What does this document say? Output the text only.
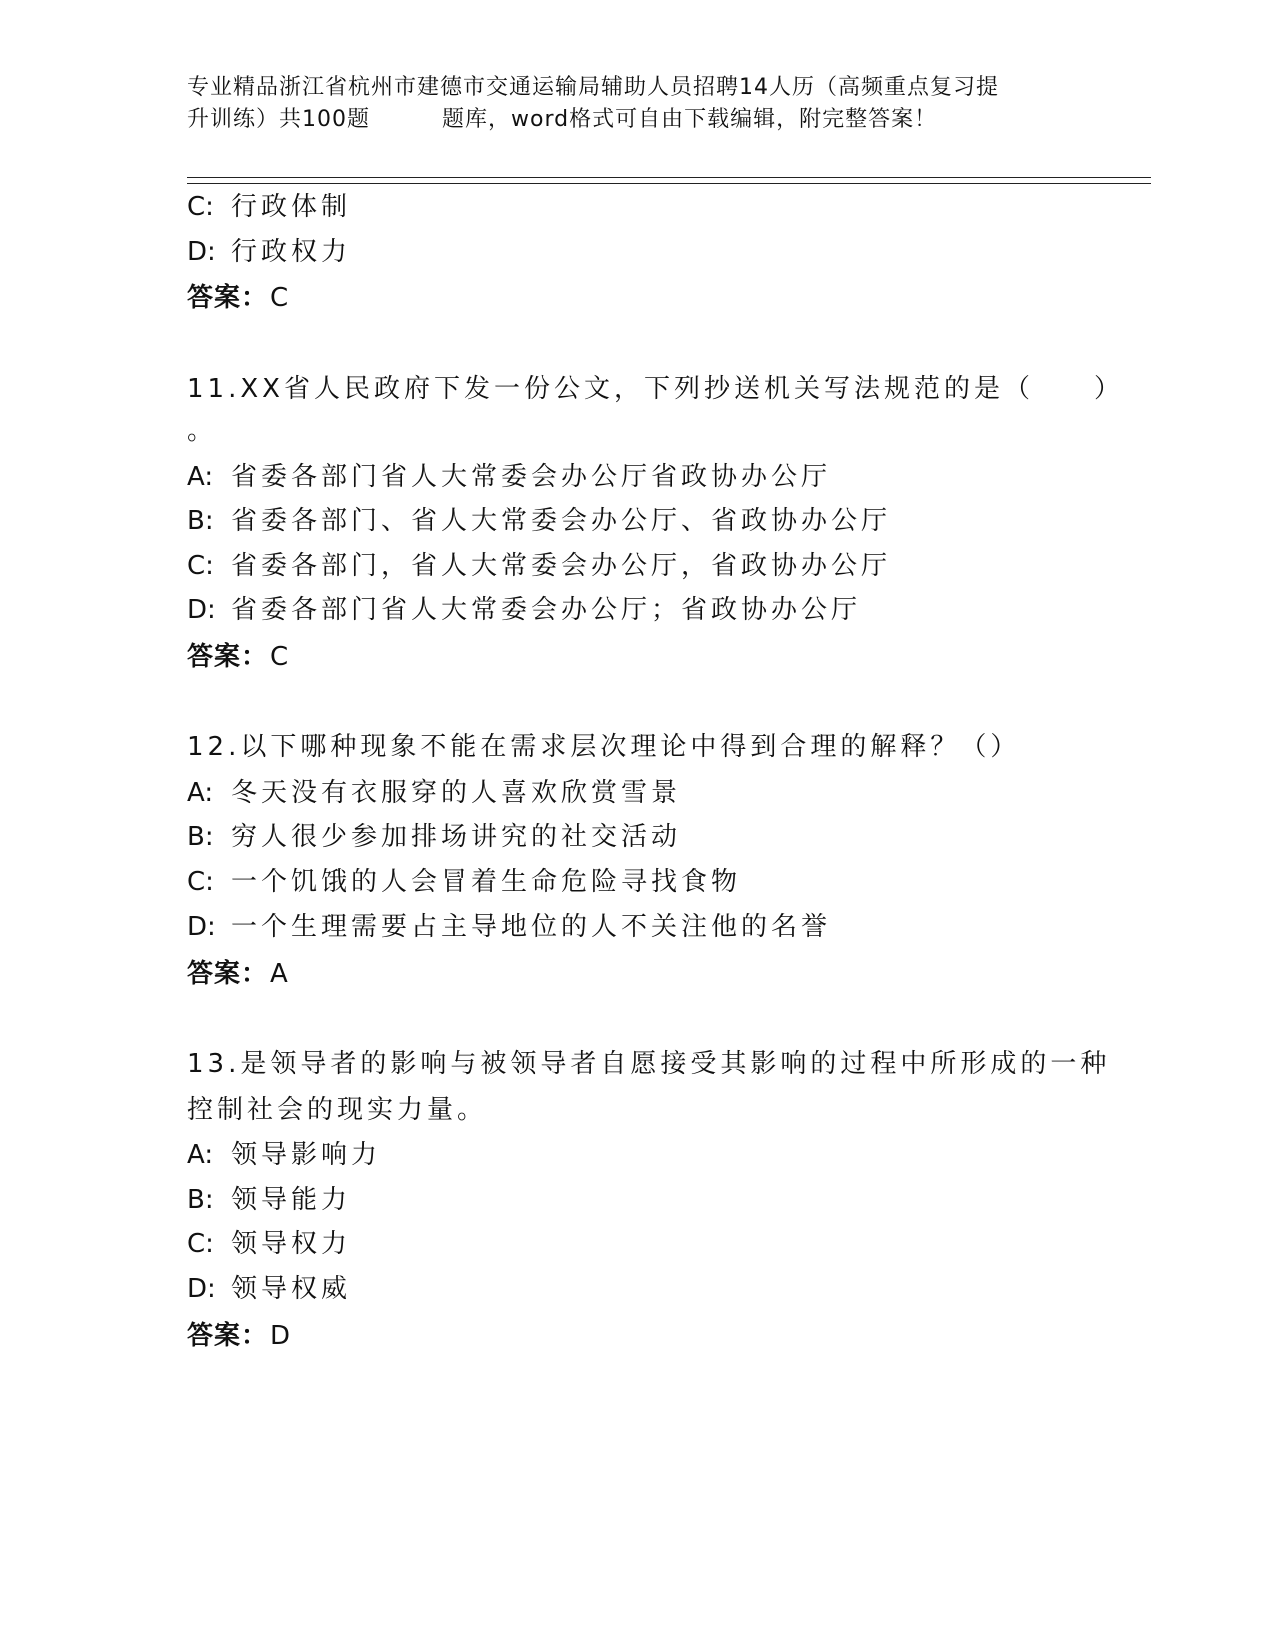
专业精品浙江省杭州市建德市交通运输局辅助人员招聘14人历（高频重点复习提
升训练）共100题	题库，word格式可自由下载编辑，附完整答案！
C: 行政体制
D: 行政权力
答案：C
11.XX省人民政府下发一份公文，下列抄送机关写法规范的是（　　）
。
A: 省委各部门省人大常委会办公厅省政协办公厅
B: 省委各部门、省人大常委会办公厅、省政协办公厅
C: 省委各部门，省人大常委会办公厅，省政协办公厅
D: 省委各部门省人大常委会办公厅；省政协办公厅
答案：C
12.以下哪种现象不能在需求层次理论中得到合理的解释？（）
A: 冬天没有衣服穿的人喜欢欣赏雪景
B: 穷人很少参加排场讲究的社交活动
C: 一个饥饿的人会冒着生命危险寻找食物
D: 一个生理需要占主导地位的人不关注他的名誉
答案：A
13.是领导者的影响与被领导者自愿接受其影响的过程中所形成的一种
控制社会的现实力量。
A: 领导影响力
B: 领导能力
C: 领导权力
D: 领导权威
答案：D
